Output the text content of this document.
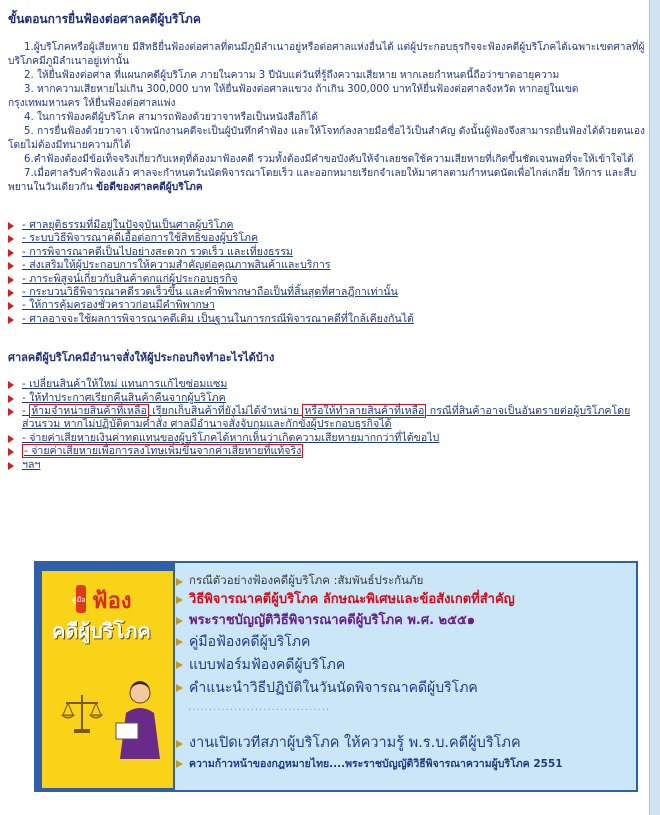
ขั้นตอนการยื่นฟ้องต่อศาลคดีผู้บริโภค

1.ผู้บริโภคหรือผู้เสียหาย มีสิทธิยื่นฟ้องต่อศาลที่ตนมีภูมิลำเนาอยู่หรือต่อศาลแห่งอื่นได้ แต่ผู้ประกอบธุรกิจจะฟ้องคดีผู้บริโภคได้เฉพาะเขตศาลที่ผู้บริโภคมีภูมิลำเนาอยู่เท่านั้น

2. ให้ยื่นฟ้องต่อศาล ที่แผนกคดีผู้บริโภค ภายในความ 3 ปีนับแต่วันที่รู้ถึงความเสียหาย หากเลยกำหนดนี้ถือว่าขาดอายุความ

3. หากความเสียหายไม่เกิน 300,000 บาท ให้ยื่นฟ้องต่อศาลแขวง ถ้าเกิน 300,000 บาทให้ยื่นฟ้องต่อศาลจังหวัด หากอยู่ในเขตกรุงเทพมหานคร ให้ยื่นฟ้องต่อศาลแพ่ง

4. ในการฟ้องคดีผู้บริโภค สามารถฟ้องด้วยวาจาหรือเป็นหนังสือก็ได้

5. การยื่นฟ้องด้วยวาจา เจ้าพนักงานคดีจะเป็นผู้บันทึกคำฟ้อง และให้โจทก์ลงลายมือชื่อไว้เป็นสำคัญ ดังนั้นผู้ฟ้องจึงสามารถยื่นฟ้องได้ด้วยตนเองโดยไม่ต้องมีทนายความก็ได้

6.คำฟ้องต้องมีข้อเท็จจริงเกี่ยวกับเหตุที่ต้องมาฟ้องคดี รวมทั้งต้องมีคำขอบังคับให้จำเลยชดใช้ความเสียหายที่เกิดขึ้นชัดเจนพอที่จะให้เข้าใจได้

7.เมื่อศาลรับคำฟ้องแล้ว ศาลจะกำหนดวันนัดพิจารณาโดยเร็ว และออกหมายเรียกจำเลยให้มาศาลตามกำหนดนัดเพื่อไกล่เกลี่ย ให้การ และสืบพยานในวันเดียวกัน ข้อดีของศาลคดีผู้บริโภค

- ศาลยุติธรรมที่มีอยู่ในปัจจุบันเป็นศาลผู้บริโภค
- ระบบวิธีพิจารณาคดีเอื้อต่อการใช้สิทธิของผู้บริโภค
- การพิจารณาคดีเป็นไปอย่างสะดวก รวดเร็ว และเที่ยงธรรม
- ส่งเสริมให้ผู้ประกอบการให้ความสำคัญต่อคุณภาพสินค้าและบริการ
- ภาระพิสูจน์เกี่ยวกับสินค้าตกแก่ผู้ประกอบธุรกิจ
- กระบวนวิธีพิจารณาคดีรวดเร็วขึ้น และคำพิพากษาถือเป็นที่สิ้นสุดที่ศาลฎีกาเท่านั้น
- ให้การคุ้มครองชั่วคราวก่อนมีคำพิพากษา
- ศาลอาจจะใช้ผลการพิจารณาคดีเดิม เป็นฐานในการกรณีพิจารณาคดีที่ใกล้เคียงกันได้
ศาลคดีผู้บริโภคมีอำนาจสั่งให้ผู้ประกอบกิจทำอะไรได้บ้าง
- เปลี่ยนสินค้าให้ใหม่ แทนการแก้ไขซ่อมแซม
- ให้ทำประกาศเรียกคืนสินค้าคืนจากผู้บริโภค
- ห้ามจำหน่ายสินค้าที่เหลือ เรียกเก็บสินค้าที่ยังไม่ได้จำหน่าย หรือให้ทำลายสินค้าที่เหลือ กรณีที่สินค้าอาจเป็นอันตรายต่อผู้บริโภคโดยส่วนรวม หากไม่ปฏิบัติตามคำสั่ง ศาลมีอำนาจสั่งจับกุมและกักขังผู้ประกอบธุรกิจได้
- จ่ายค่าเสียหายเงินค่าทดแทนของผู้บริโภคได้หากเห็นว่าเกิดความเสียหายมากกว่าที่ได้ขอไป
- จ่ายค่าเสียหายเพื่อการลงโทษเพิ่มขึ้นจากค่าเสียหายที่แท้จริง
ฯลฯ
คู่มือ ฟ้อง
คดีผู้บริโภค
กรณีตัวอย่างฟ้องคดีผู้บริโภค :สัมพันธ์ประกันภัย
วิธีพิจารณาคดีผู้บริโภค ลักษณะพิเศษและข้อสังเกตที่สำคัญ
พระราชบัญญัติวิธีพิจารณาคดีผู้บริโภค พ.ศ. ๒๕๕๑
คู่มือฟ้องคดีผู้บริโภค
แบบฟอร์มฟ้องคดีผู้บริโภค
คำแนะนำวิธีปฏิบัติในวันนัดพิจารณาคดีผู้บริโภค
..................................
งานเปิดเวทีสภาผู้บริโภค ให้ความรู้ พ.ร.บ.คดีผู้บริโภค
ความก้าวหน้าของกฎหมายไทย....พระราชบัญญัติวิธีพิจารณาความผู้บริโภค 2551
